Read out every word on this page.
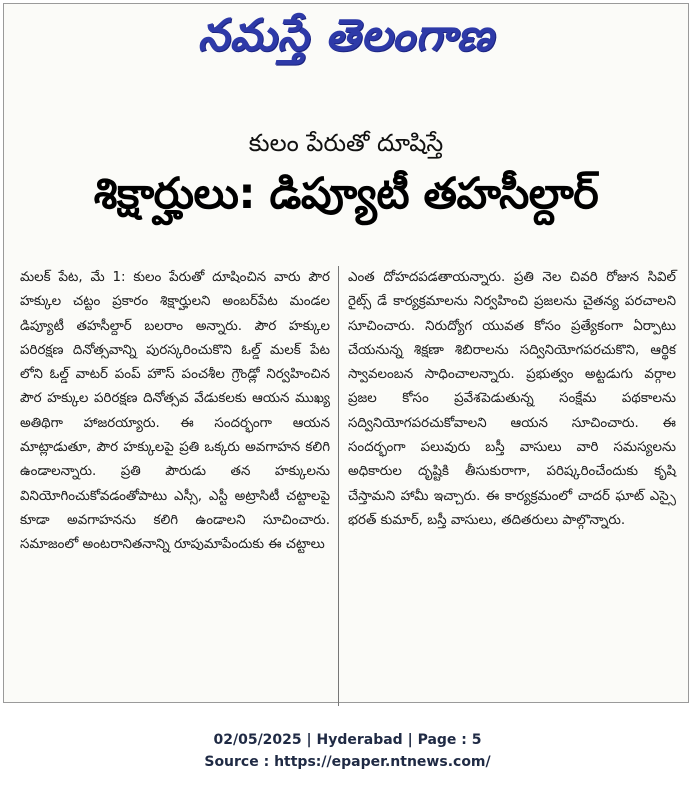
నమస్తే తెలంగాణ
కులం పేరుతో దూషిస్తే
శిక్షార్హులు: డిప్యూటీ తహసీల్దార్
మలక్ పేట, మే 1: కులం పేరుతో దూషించిన వారు పౌర హక్కుల చట్టం ప్రకారం శిక్షార్హులని అంబర్‌పేట మండల డిప్యూటీ తహసీల్దార్ బలరాం అన్నారు. పౌర హక్కుల పరిరక్షణ దినోత్సవాన్ని పురస్కరించుకొని ఓల్డ్ మలక్ పేట లోని ఓల్డ్ వాటర్ పంప్ హౌస్ పంచశీల గ్రౌండ్లో నిర్వహించిన పౌర హక్కుల పరిరక్షణ దినోత్సవ వేడుకలకు ఆయన ముఖ్య అతిథిగా హాజరయ్యారు. ఈ సందర్భంగా ఆయన మాట్లాడుతూ, పౌర హక్కులపై ప్రతి ఒక్కరు అవగాహన కలిగి ఉండాలన్నారు. ప్రతి పౌరుడు తన హక్కులను వినియోగించుకోవడంతోపాటు ఎస్సీ, ఎస్టీ అట్రాసిటీ చట్టాలపై కూడా అవగాహనను కలిగి ఉండాలని సూచించారు. సమాజంలో అంటరానితనాన్ని రూపుమాపేందుకు ఈ చట్టాలు
ఎంత దోహదపడతాయన్నారు. ప్రతి నెల చివరి రోజున సివిల్ రైట్స్ డే కార్యక్రమాలను నిర్వహించి ప్రజలను చైతన్య పరచాలని సూచించారు. నిరుద్యోగ యువత కోసం ప్రత్యేకంగా ఏర్పాటు చేయనున్న శిక్షణా శిబిరాలను సద్వినియోగపరచుకొని, ఆర్థిక స్వావలంబన సాధించాలన్నారు. ప్రభుత్వం అట్టడుగు వర్గాల ప్రజల కోసం ప్రవేశపెడుతున్న సంక్షేమ పథకాలను సద్వినియోగపరచుకోవాలని ఆయన సూచించారు. ఈ సందర్భంగా పలువురు బస్తీ వాసులు వారి సమస్యలను అధికారుల దృష్టికి తీసుకురాగా, పరిష్కరించేందుకు కృషి చేస్తామని హామీ ఇచ్చారు. ఈ కార్యక్రమంలో చాదర్ ఘాట్ ఎస్సై భరత్ కుమార్, బస్తీ వాసులు, తదితరులు పాల్గొన్నారు.
02/05/2025 | Hyderabad | Page : 5
Source : https://epaper.ntnews.com/
